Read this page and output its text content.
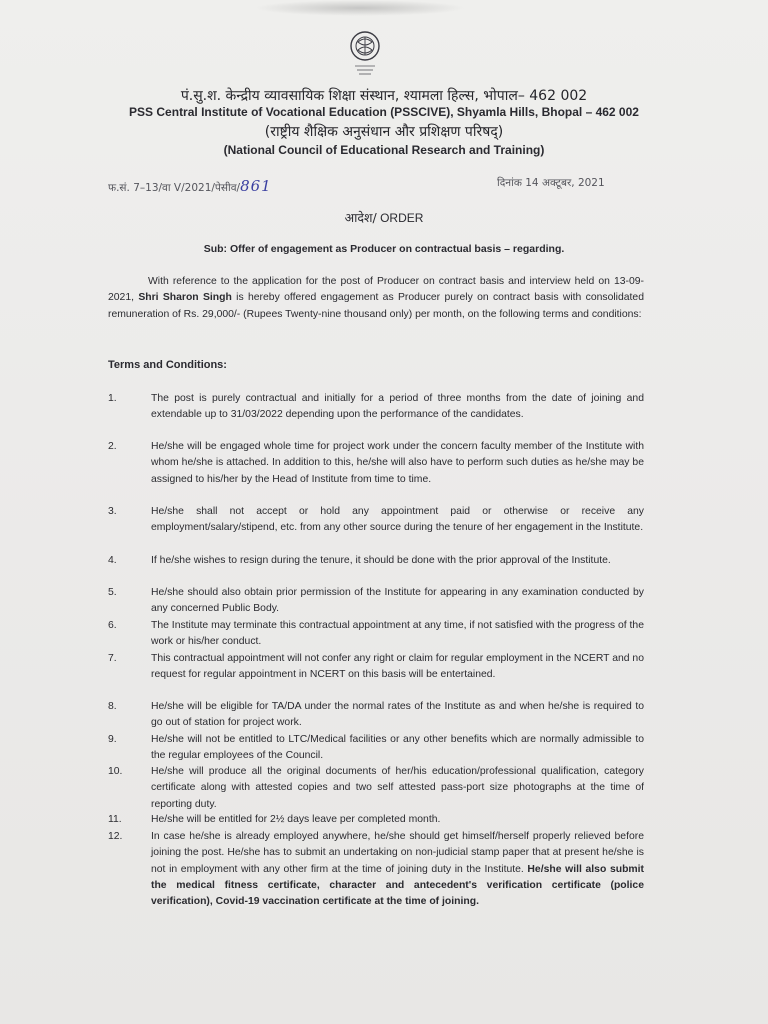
पं.सु.श. केन्द्रीय व्यावसायिक शिक्षा संस्थान, श्यामला हिल्स, भोपाल– 462 002
PSS Central Institute of Vocational Education (PSSCIVE), Shyamla Hills, Bhopal – 462 002
(राष्ट्रीय शैक्षिक अनुसंधान और प्रशिक्षण परिषद्)
(National Council of Educational Research and Training)
फ.सं. 7–13/वा V/2021/पेसीव/861	दिनांक 14 अक्टूबर, 2021
आदेश/ ORDER
Sub: Offer of engagement as Producer on contractual basis – regarding.
With reference to the application for the post of Producer on contract basis and interview held on 13-09-2021, Shri Sharon Singh is hereby offered engagement as Producer purely on contract basis with consolidated remuneration of Rs. 29,000/- (Rupees Twenty-nine thousand only) per month, on the following terms and conditions:
Terms and Conditions:
1.	The post is purely contractual and initially for a period of three months from the date of joining and extendable up to 31/03/2022 depending upon the performance of the candidates.
2.	He/she will be engaged whole time for project work under the concern faculty member of the Institute with whom he/she is attached. In addition to this, he/she will also have to perform such duties as he/she may be assigned to his/her by the Head of Institute from time to time.
3.	He/she shall not accept or hold any appointment paid or otherwise or receive any employment/salary/stipend, etc. from any other source during the tenure of her engagement in the Institute.
4.	If he/she wishes to resign during the tenure, it should be done with the prior approval of the Institute.
5.	He/she should also obtain prior permission of the Institute for appearing in any examination conducted by any concerned Public Body.
6.	The Institute may terminate this contractual appointment at any time, if not satisfied with the progress of the work or his/her conduct.
7.	This contractual appointment will not confer any right or claim for regular employment in the NCERT and no request for regular appointment in NCERT on this basis will be entertained.
8.	He/she will be eligible for TA/DA under the normal rates of the Institute as and when he/she is required to go out of station for project work.
9.	He/she will not be entitled to LTC/Medical facilities or any other benefits which are normally admissible to the regular employees of the Council.
10.	He/she will produce all the original documents of her/his education/professional qualification, category certificate along with attested copies and two self attested pass-port size photographs at the time of reporting duty.
11.	He/she will be entitled for 2½ days leave per completed month.
12.	In case he/she is already employed anywhere, he/she should get himself/herself properly relieved before joining the post. He/she has to submit an undertaking on non-judicial stamp paper that at present he/she is not in employment with any other firm at the time of joining duty in the Institute. He/she will also submit the medical fitness certificate, character and antecedent's verification certificate (police verification), Covid-19 vaccination certificate at the time of joining.
